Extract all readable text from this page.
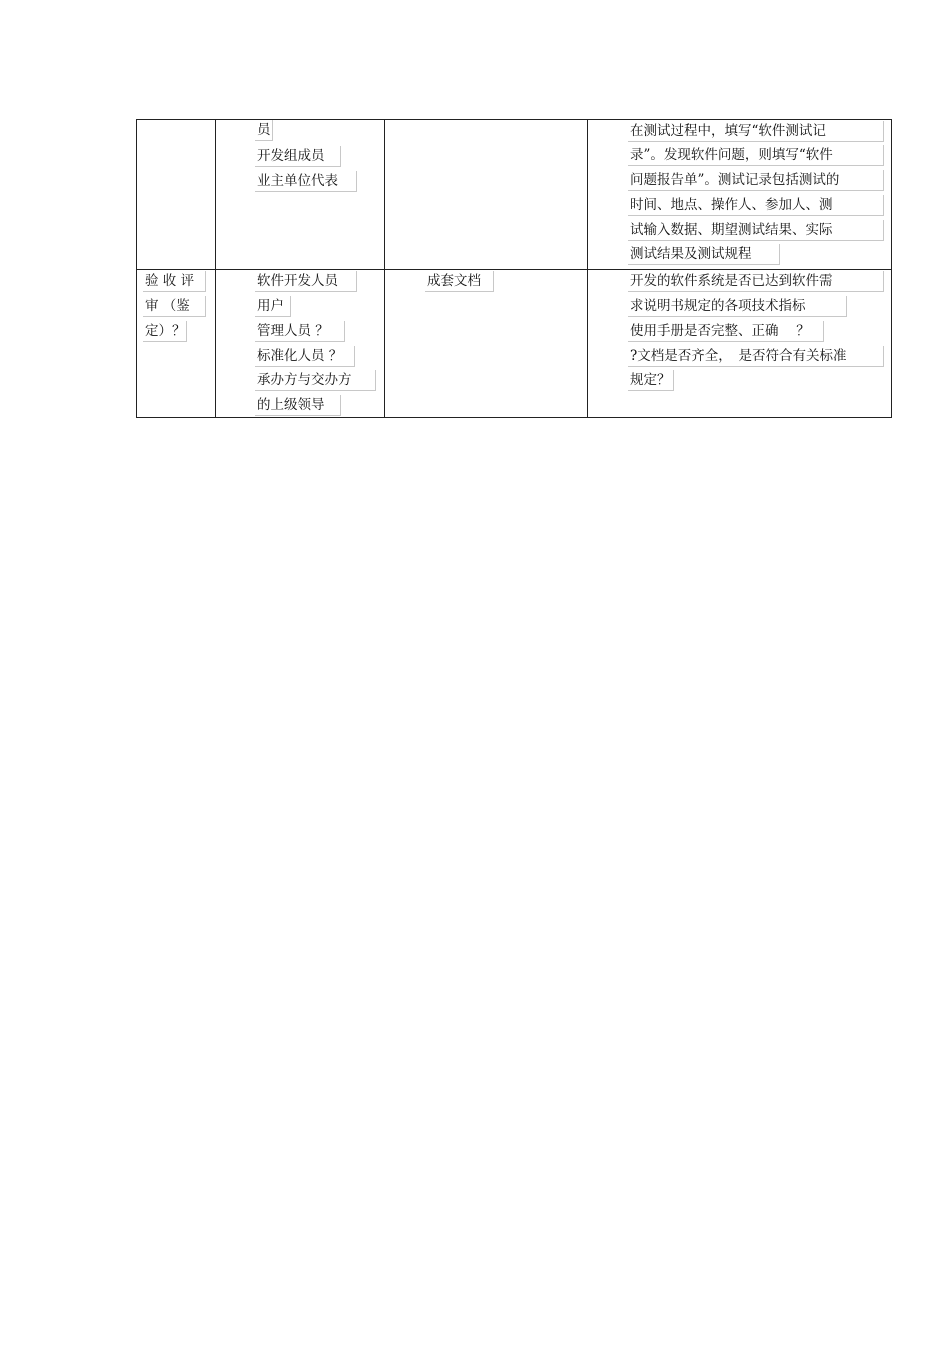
员
开发组成员
业主单位代表
在测试过程中，填写“软件测试记
录”。发现软件问题，则填写“软件
问题报告单”。测试记录包括测试的
时间、地点、操作人、参加人、测
试输入数据、期望测试结果、实际
测试结果及测试规程
验 收 评
审 （鉴
定）？
软件开发人员
用户
管理人员 ？
标准化人员 ？
承办方与交办方
的上级领导
成套文档	开发的软件系统是否已达到软件需
求说明书规定的各项技术指标
使用手册是否完整、正确　 ？
?文档是否齐全，　是否符合有关标准
规定？
